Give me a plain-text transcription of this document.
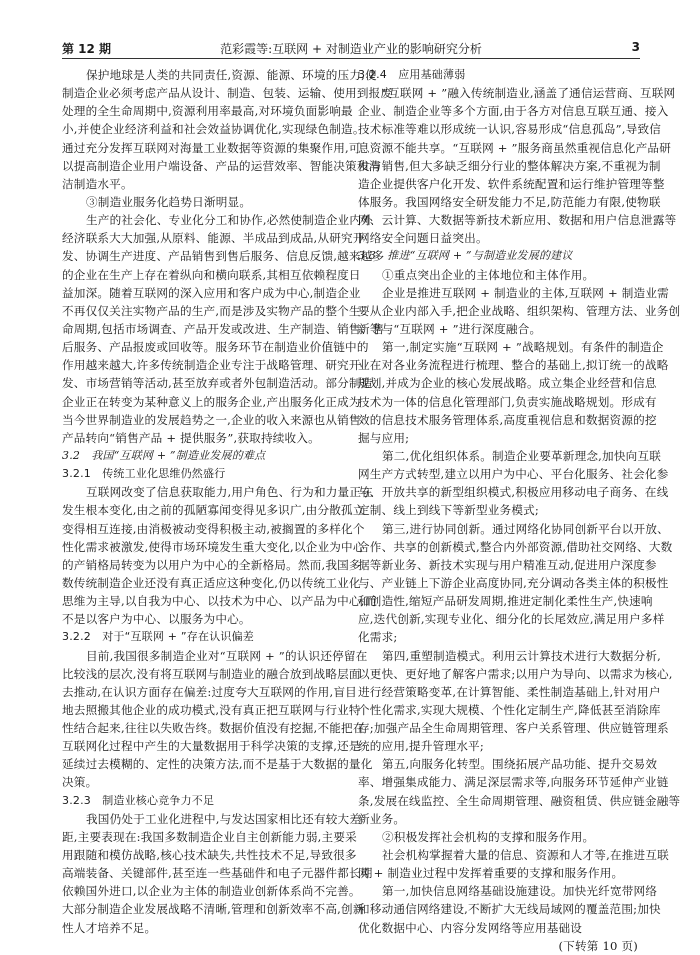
第 12 期	范彩霞等:互联网 + 对制造业产业的影响研究分析	3
保护地球是人类的共同责任,资源、能源、环境的压力,使
制造企业必须考虑产品从设计、制造、包装、运输、使用到报废
处理的全生命周期中,资源利用率最高,对环境负面影响最
小,并使企业经济利益和社会效益协调优化,实现绿色制造。
通过充分发挥互联网对海量工业数据等资源的集聚作用,可
以提高制造企业用户端设备、产品的运营效率、智能决策和清
洁制造水平。
③制造业服务化趋势日渐明显。
生产的社会化、专业化分工和协作,必然使制造企业内外
经济联系大大加强,从原料、能源、半成品到成品,从研究开
发、协调生产进度、产品销售到售后服务、信息反馈,越来越多
的企业在生产上存在着纵向和横向联系,其相互依赖程度日
益加深。随着互联网的深入应用和客户成为中心,制造企业
不再仅仅关注实物产品的生产,而是涉及实物产品的整个生
命周期,包括市场调查、产品开发或改进、生产制造、销售、售
后服务、产品报废或回收等。服务环节在制造业价值链中的
作用越来越大,许多传统制造企业专注于战略管理、研究开
发、市场营销等活动,甚至放弃或者外包制造活动。部分制造
企业正在转变为某种意义上的服务企业,产出服务化正成为
当今世界制造业的发展趋势之一,企业的收入来源也从销售
产品转向“销售产品 + 提供服务”,获取持续收入。
3.2　我国“互联网 + ”制造业发展的难点
3.2.1　传统工业化思维仍然盛行
互联网改变了信息获取能力,用户角色、行为和力量正在
发生根本变化,由之前的孤陋寡闻变得见多识广,由分散孤立
变得相互连接,由消极被动变得积极主动,被搁置的多样化个
性化需求被激发,使得市场环境发生重大变化,以企业为中心
的产销格局转变为以用户为中心的全新格局。然而,我国多
数传统制造企业还没有真正适应这种变化,仍以传统工业化
思维为主导,以自我为中心、以技术为中心、以产品为中心,而
不是以客户为中心、以服务为中心。
3.2.2　对于“互联网 + ”存在认识偏差
目前,我国很多制造企业对“互联网 + ”的认识还停留在
比较浅的层次,没有将互联网与制造业的融合放到战略层面
去推动,在认识方面存在偏差:过度夸大互联网的作用,盲目
地去照搬其他企业的成功模式,没有真正把互联网与行业特
性结合起来,往往以失败告终。数据价值没有挖掘,不能把在
互联网化过程中产生的大量数据用于科学决策的支撑,还是
延续过去模糊的、定性的决策方法,而不是基于大数据的量化
决策。
3.2.3　制造业核心竞争力不足
我国仍处于工业化进程中,与发达国家相比还有较大差
距,主要表现在:我国多数制造企业自主创新能力弱,主要采
用跟随和模仿战略,核心技术缺失,共性技术不足,导致很多
高端装备、关键部件,甚至连一些基础件和电子元器件都长期
依赖国外进口,以企业为主体的制造业创新体系尚不完善。
大部分制造企业发展战略不清晰,管理和创新效率不高,创新
性人才培养不足。
3.2.4　应用基础薄弱
“互联网 + ”融入传统制造业,涵盖了通信运营商、互联网
企业、制造企业等多个方面,由于各方对信息互联互通、接入
技术标准等难以形成统一认识,容易形成“信息孤岛”,导致信
息资源不能共享。“互联网 + ”服务商虽然重视信息化产品研
发与销售,但大多缺乏细分行业的整体解决方案,不重视为制
造企业提供客户化开发、软件系统配置和运行维护管理等整
体服务。我国网络安全研发能力不足,防范能力有限,使物联
网、云计算、大数据等新技术新应用、数据和用户信息泄露等
网络安全问题日益突出。
3.3　推进“互联网 + ”与制造业发展的建议
①重点突出企业的主体地位和主体作用。
企业是推进互联网 + 制造业的主体,互联网 + 制造业需
要从企业内部入手,把企业战略、组织架构、管理方法、业务创
新等与“互联网 + ”进行深度融合。
第一,制定实施“互联网 + ”战略规划。有条件的制造企
业在对各业务流程进行梳理、整合的基础上,拟订统一的战略
规划,并成为企业的核心发展战略。成立集企业经营和信息
技术为一体的信息化管理部门,负责实施战略规划。形成有
效的信息技术服务管理体系,高度重视信息和数据资源的挖
掘与应用;
第二,优化组织体系。制造企业要革新理念,加快向互联
网生产方式转型,建立以用户为中心、平台化服务、社会化参
与、开放共享的新型组织模式,积极应用移动电子商务、在线
定制、线上到线下等新型业务模式;
第三,进行协同创新。通过网络化协同创新平台以开放、
合作、共享的创新模式,整合内外部资源,借助社交网络、大数
据等新业务、新技术实现与用户精准互动,促进用户深度参
与、产业链上下游企业高度协同,充分调动各类主体的积极性
和创造性,缩短产品研发周期,推进定制化柔性生产,快速响
应,迭代创新,实现专业化、细分化的长尾效应,满足用户多样
化需求;
第四,重塑制造模式。利用云计算技术进行大数据分析,
以更快、更好地了解客户需求;以用户为导向、以需求为核心,
进行经营策略变革,在计算智能、柔性制造基础上,针对用户
个性化需求,实现大规模、个性化定制生产,降低甚至消除库
存;加强产品全生命周期管理、客户关系管理、供应链管理系
统的应用,提升管理水平;
第五,向服务化转型。围绕拓展产品功能、提升交易效
率、增强集成能力、满足深层需求等,向服务环节延伸产业链
条,发展在线监控、全生命周期管理、融资租赁、供应链金融等
新业务。
②积极发挥社会机构的支撑和服务作用。
社会机构掌握着大量的信息、资源和人才等,在推进互联
网 + 制造业过程中发挥着重要的支撑和服务作用。
第一,加快信息网络基础设施建设。加快光纤宽带网络
和移动通信网络建设,不断扩大无线局域网的覆盖范围;加快
优化数据中心、内容分发网络等应用基础设
(下转第 10 页)
